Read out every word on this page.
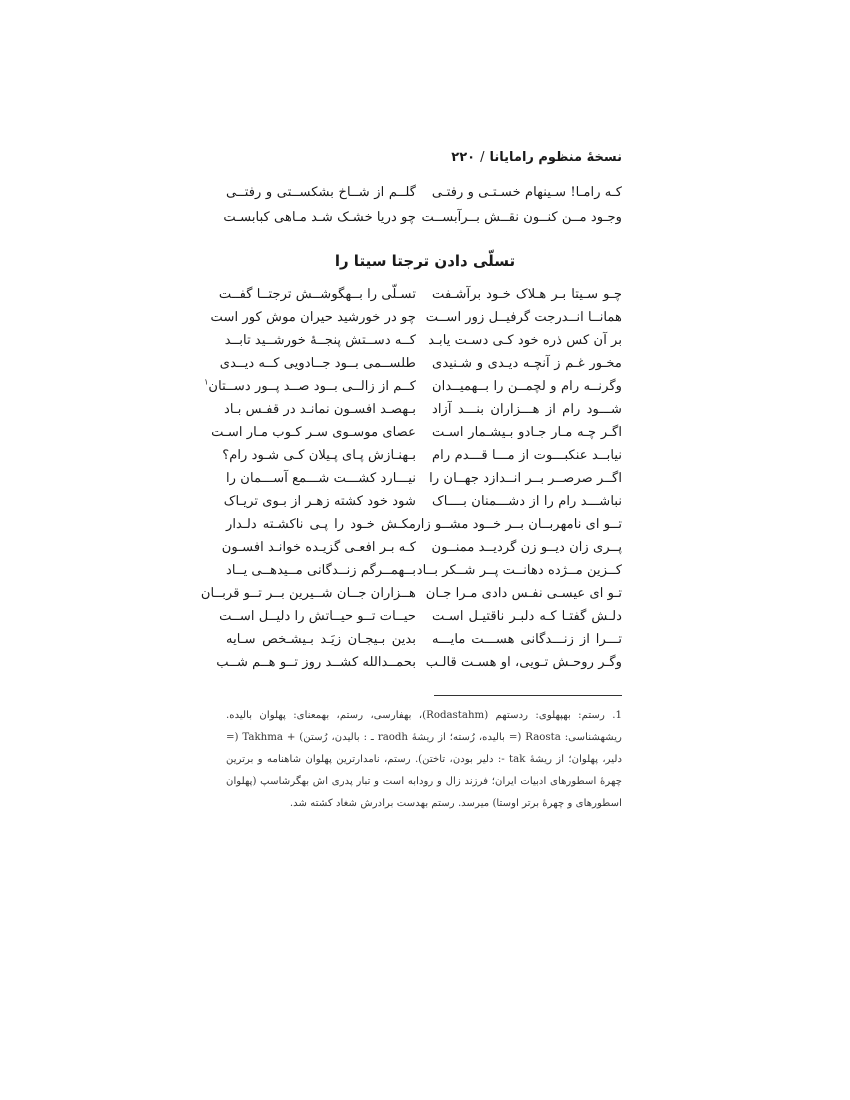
نسخهٔ منظوم رامایانا/۲۲۰
کـه رامـا! سـینهام خسـتـی و رفتـی
گلــم از شــاخ بشکســتی و رفتــی
وجـود مــن کنــون نقــش بــرآبســت
چو دریا خشـک شـد مـاهی کبابسـت
تسلّی دادن ترجتا سیتا را
چـو سـیتا بـر هـلاک خـود برآشـفت
تسـلّی را بــهگوشــش ترجتــا گفــت
همانــا انــدرجت گرفیــل زور اســت
چو در خورشید حیران موش کور است
بر آن کس ذره خود کـی دسـت یابـد
کــه دســتش پنجــهٔ خورشــید تابــد
مخـور غـم ز آنچـه دیـدی و شـنیدی
طلســمی بــود جــادویی کــه دیــدی
وگرنــه رام و لچمــن را بــهمیــدان
کــم از زالــی بــود صــد پــور دســتان$^۱$
شـــود رام از هـــزاران بنـــد آزاد
بـهصـد افسـون نمانـد در قفـس بـاد
اگـر چـه مـار جـادو بـیشـمار اسـت
عصای موسـوی سـر کـوب مـار اسـت
نیابــد عنکبـــوت از مـــا قـــدم رام
بـهنـازش پـای پـیلان کـی شـود رام؟
اگــر صرصــر بــر انــدازد جهــان را
نیـــارد کشـــت شـــمع آســـمان را
نباشـــد رام را از دشـــمنان بــــاک
شود خود کشته زهـر از بـوی تریـاک
تــو ای نامهربــان بــر خــود مشــو زار
مکـش خـود را پـی ناکشـته دلـدار
پــری زان دیــو زن گردیــد ممنــون
کـه بـر افعـی گزیـده خوانـد افسـون
کــزین مــژده دهانــت پــر شــکر بــاد
بــهمــرگم زنــدگانی مــیدهــی یــاد
تـو ای عیسـی نفـس دادی مـرا جـان
هــزاران جــان شــیرین بــر تــو قربــان
دلـش گفتـا کـه دلبـر ناقتیـل اسـت
حیــات تــو حیــاتش را دلیــل اســت
تـــرا از زنـــدگانی هســـت مایـــه
بدین بـیجـان زیَـد بـیشـخص سـایه
وگـر روحـش تـویی، او هسـت قالـب
بحمــدالله کشــد روز تــو هــم شــب
1. رستم: بهپهلوی: ردستهم (Rodastahm)، بهفارسی، رستم، بهمعنای: پهلوان بالیده. ریشهشناسی: Raosta (= بالیده، رُسته؛ از ریشهٔ raodh ـ : بالیدن، رُستن) + Takhma (= دلیر، پهلوان؛ از ریشهٔ tak -: دلیر بودن، تاختن). رستم، نامدارترین پهلوان شاهنامه و برترین چهرهٔ اسطورهای ادبیات ایران؛ فرزند زال و رودابه است و تبار پدری اش بهگرشاسپ (پهلوان اسطورهای و چهرهٔ برتر اوستا) میرسد. رستم بهدست برادرش شغاد کشته شد.
